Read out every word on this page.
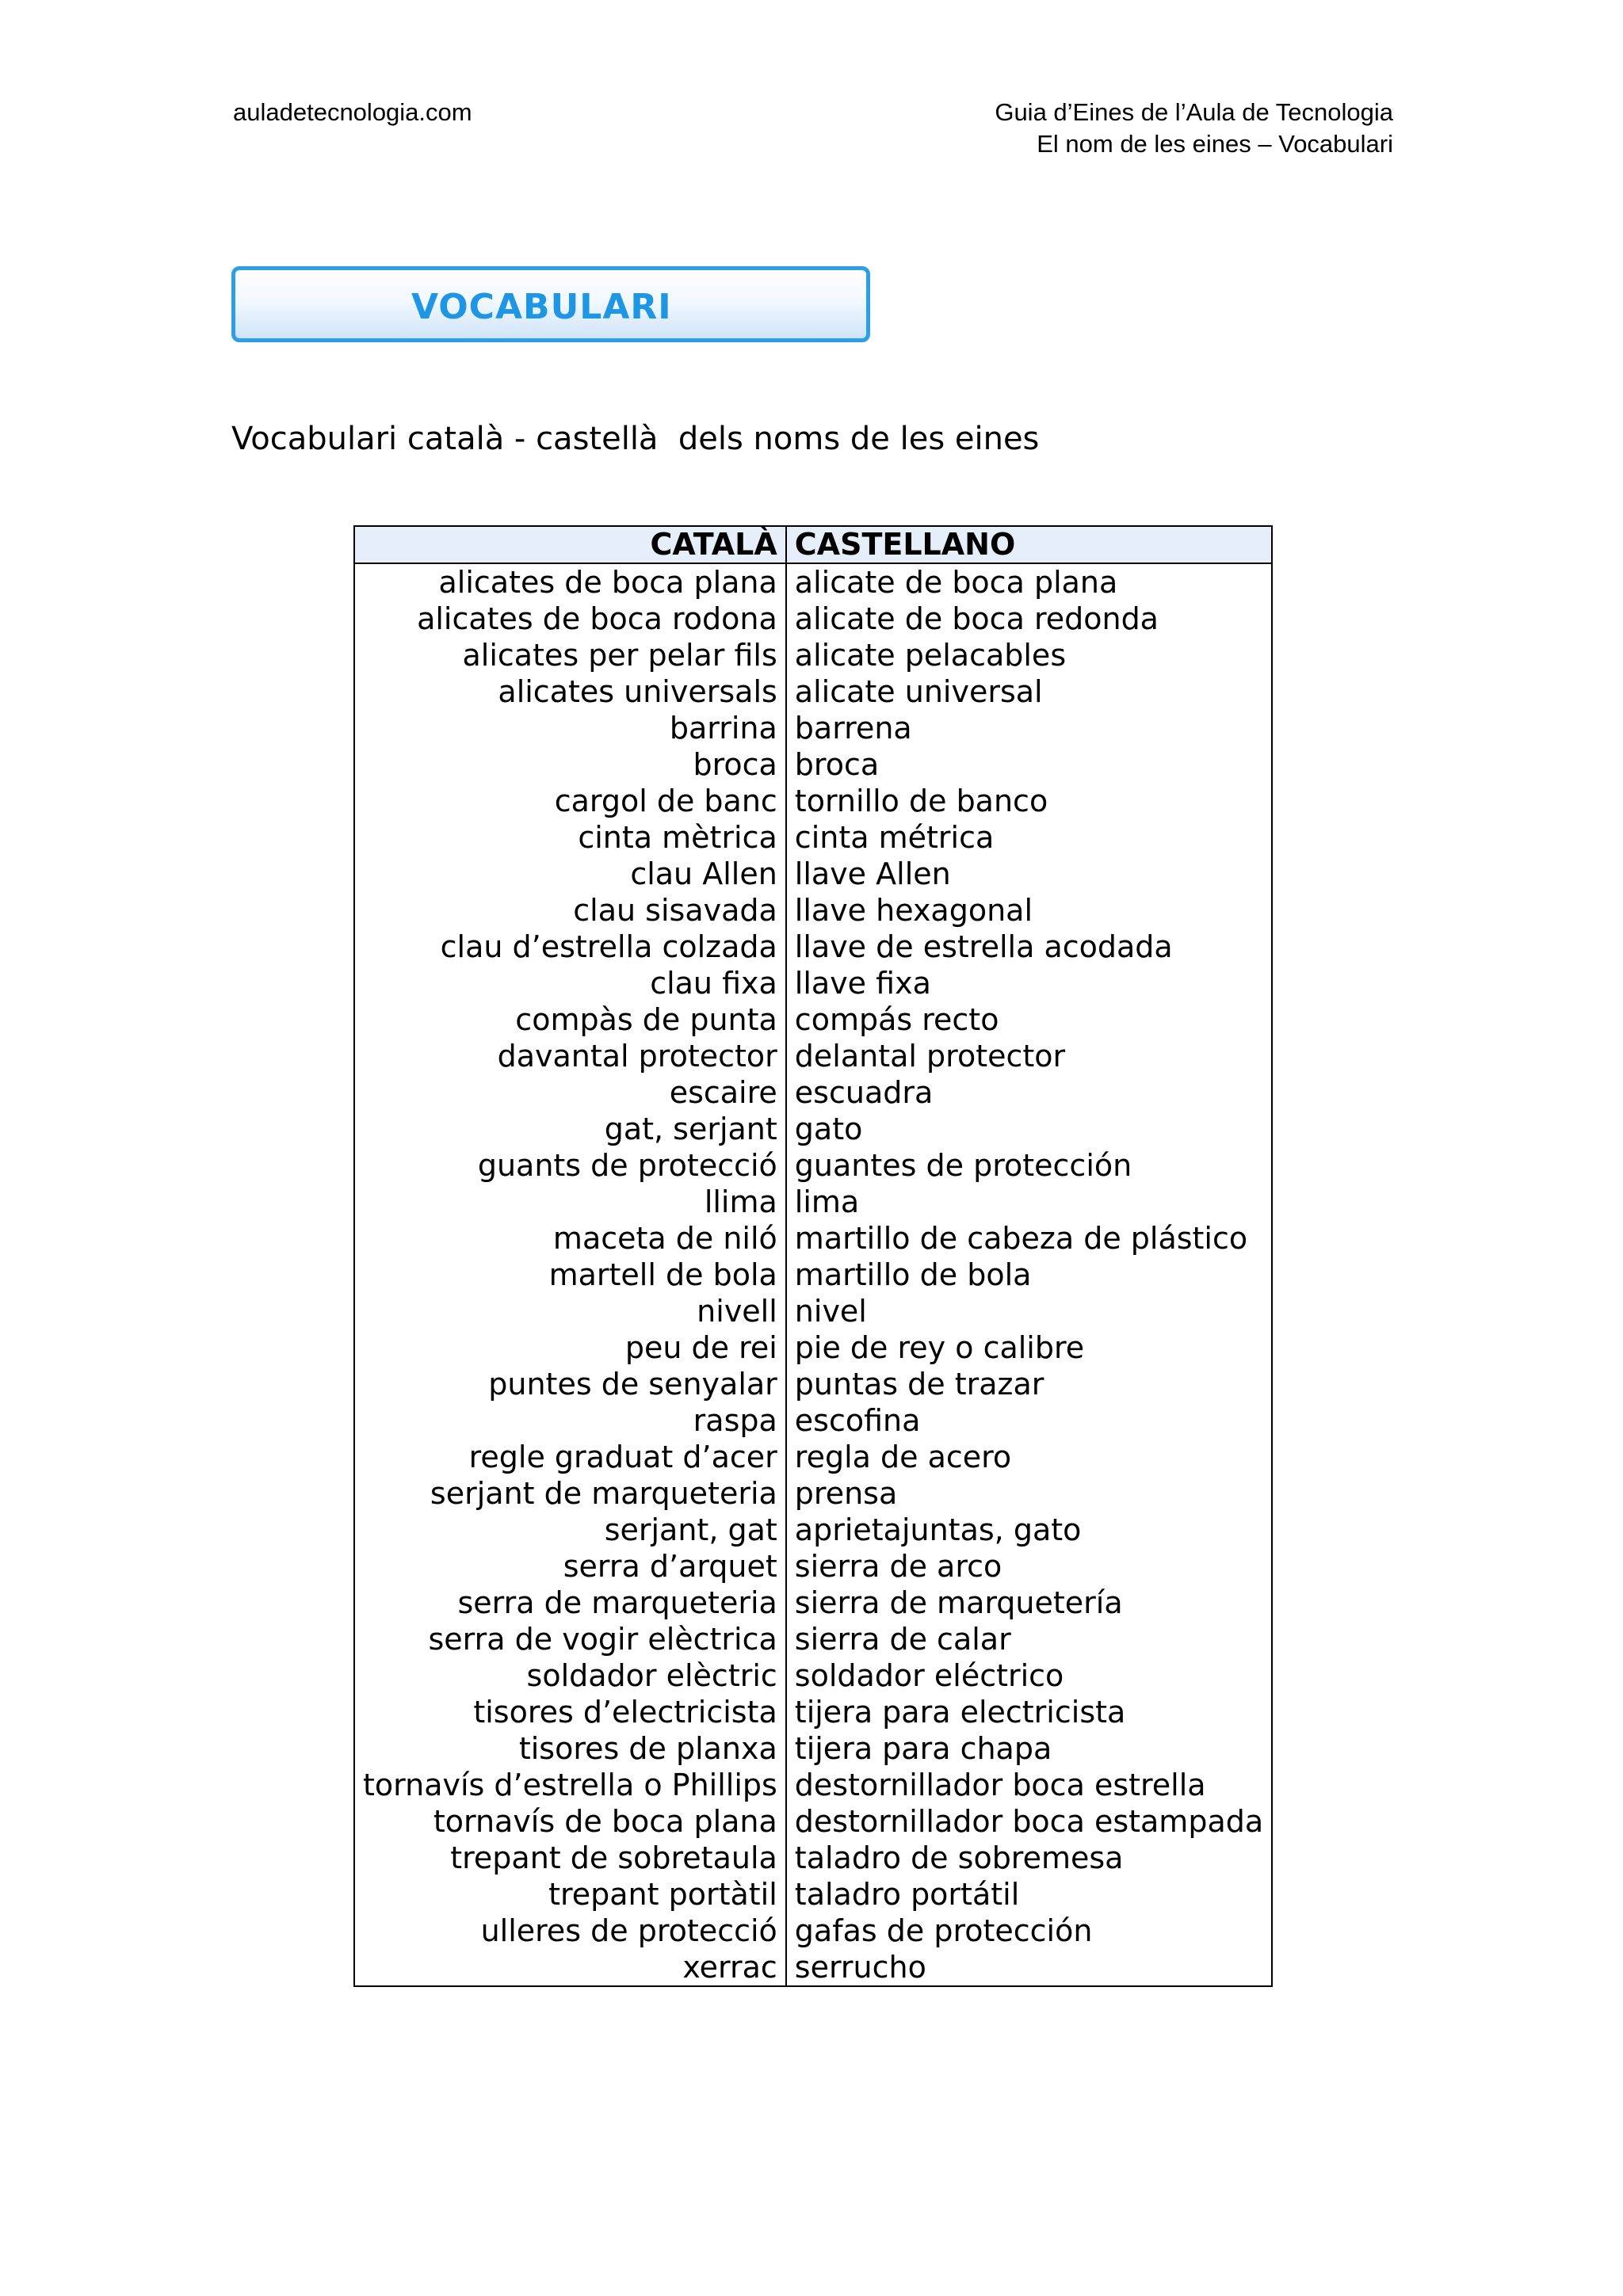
auladetecnologia.com	Guia d’Eines de l’Aula de Tecnologia
El nom de les eines – Vocabulari
VOCABULARI
Vocabulari català - castellà  dels noms de les eines
CATALÀ	CASTELLANO
alicates de boca plana	alicate de boca plana
alicates de boca rodona	alicate de boca redonda
alicates per pelar fils	alicate pelacables
alicates universals	alicate universal
barrina	barrena
broca	broca
cargol de banc	tornillo de banco
cinta mètrica	cinta métrica
clau Allen	llave Allen
clau sisavada	llave hexagonal
clau d’estrella colzada	llave de estrella acodada
clau fixa	llave fixa
compàs de punta	compás recto
davantal protector	delantal protector
escaire	escuadra
gat, serjant	gato
guants de protecció	guantes de protección
llima	lima
maceta de niló	martillo de cabeza de plástico
martell de bola	martillo de bola
nivell	nivel
peu de rei	pie de rey o calibre
puntes de senyalar	puntas de trazar
raspa	escofina
regle graduat d’acer	regla de acero
serjant de marqueteria	prensa
serjant, gat	aprietajuntas, gato
serra d’arquet	sierra de arco
serra de marqueteria	sierra de marquetería
serra de vogir elèctrica	sierra de calar
soldador elèctric	soldador eléctrico
tisores d’electricista	tijera para electricista
tisores de planxa	tijera para chapa
tornavís d’estrella o Phillips	destornillador boca estrella
tornavís de boca plana	destornillador boca estampada
trepant de sobretaula	taladro de sobremesa
trepant portàtil	taladro portátil
ulleres de protecció	gafas de protección
xerrac	serrucho
